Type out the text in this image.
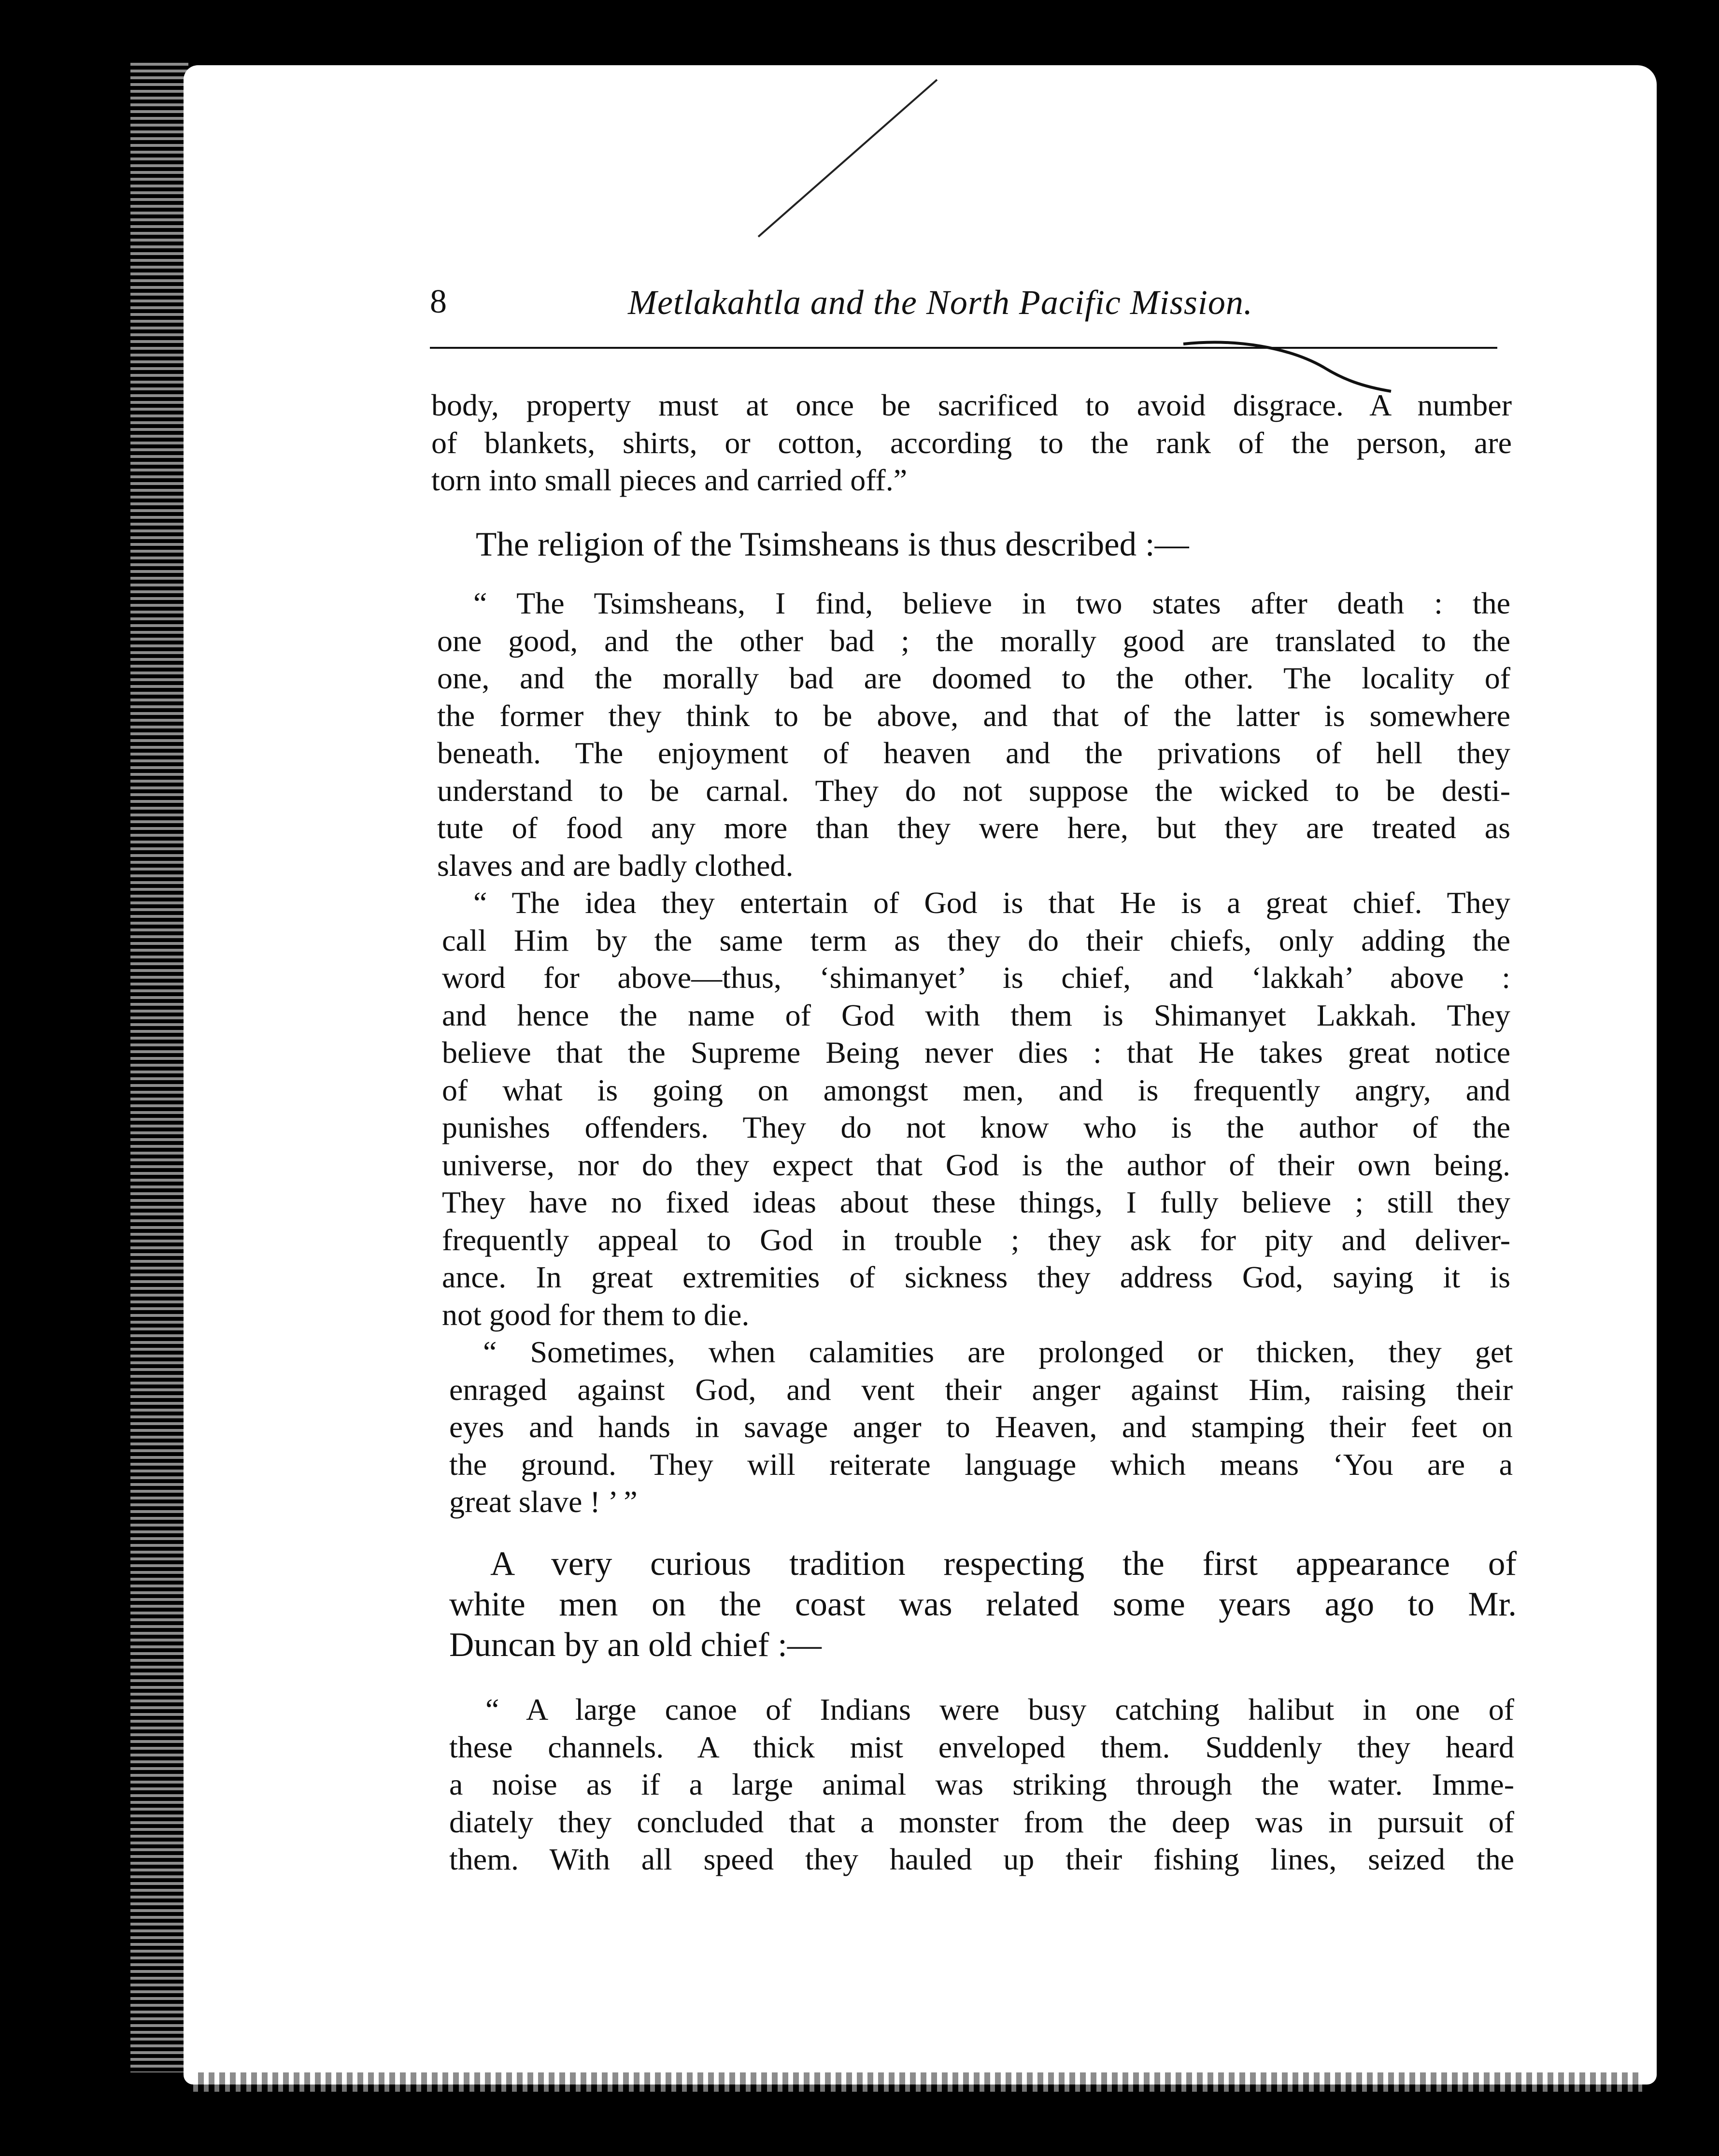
8	Metlakahtla and the North Pacific Mission.
body, property must at once be sacrificed to avoid disgrace. A number
of blankets, shirts, or cotton, according to the rank of the person, are
torn into small pieces and carried off.”
The religion of the Tsimsheans is thus described :—
“ The Tsimsheans, I find, believe in two states after death : the
one good, and the other bad ; the morally good are translated to the
one, and the morally bad are doomed to the other. The locality of
the former they think to be above, and that of the latter is somewhere
beneath. The enjoyment of heaven and the privations of hell they
understand to be carnal. They do not suppose the wicked to be desti-
tute of food any more than they were here, but they are treated as
slaves and are badly clothed.
“ The idea they entertain of God is that He is a great chief. They
call Him by the same term as they do their chiefs, only adding the
word for above—thus, ‘shimanyet’ is chief, and ‘lakkah’ above :
and hence the name of God with them is Shimanyet Lakkah. They
believe that the Supreme Being never dies : that He takes great notice
of what is going on amongst men, and is frequently angry, and
punishes offenders. They do not know who is the author of the
universe, nor do they expect that God is the author of their own being.
They have no fixed ideas about these things, I fully believe ; still they
frequently appeal to God in trouble ; they ask for pity and deliver-
ance. In great extremities of sickness they address God, saying it is
not good for them to die.
“ Sometimes, when calamities are prolonged or thicken, they get
enraged against God, and vent their anger against Him, raising their
eyes and hands in savage anger to Heaven, and stamping their feet on
the ground. They will reiterate language which means ‘You are a
great slave ! ’ ”
A very curious tradition respecting the first appearance of
white men on the coast was related some years ago to Mr.
Duncan by an old chief :—
“ A large canoe of Indians were busy catching halibut in one of
these channels. A thick mist enveloped them. Suddenly they heard
a noise as if a large animal was striking through the water. Imme-
diately they concluded that a monster from the deep was in pursuit of
them. With all speed they hauled up their fishing lines, seized the
